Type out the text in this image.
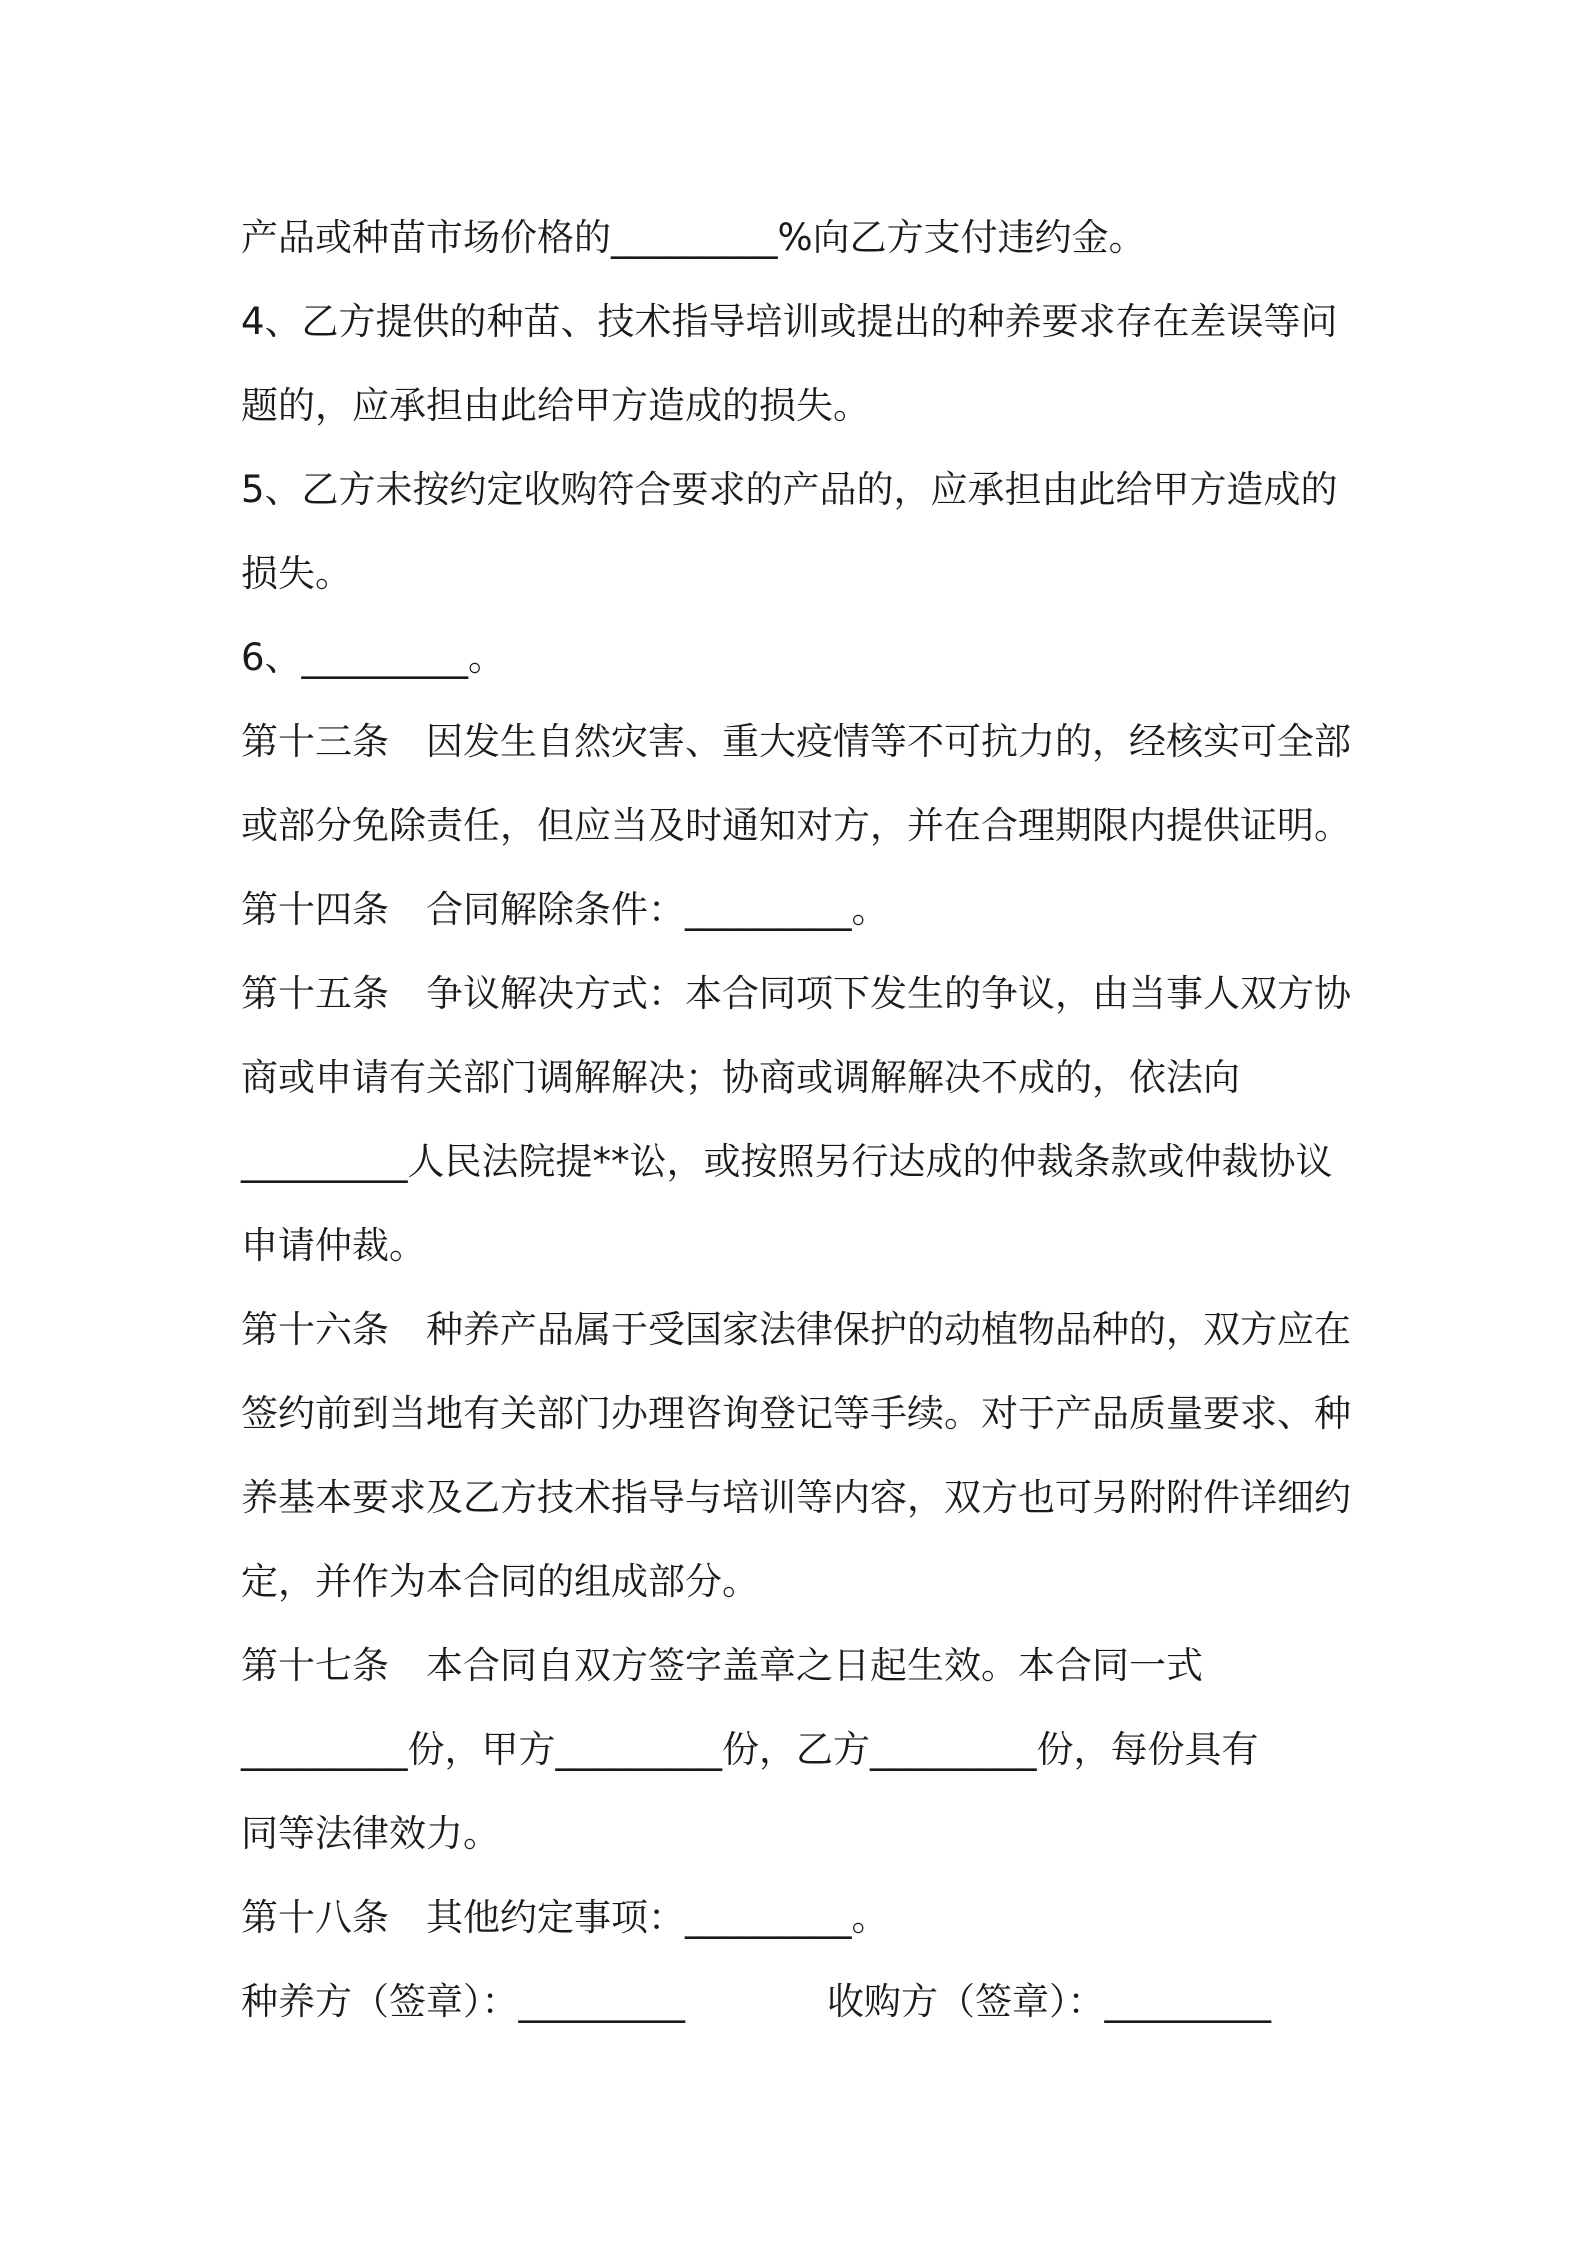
产品或种苗市场价格的_________%向乙方支付违约金。
4、乙方提供的种苗、技术指导培训或提出的种养要求存在差误等问
题的，应承担由此给甲方造成的损失。
5、乙方未按约定收购符合要求的产品的，应承担由此给甲方造成的
损失。
6、_________。
第十三条　因发生自然灾害、重大疫情等不可抗力的，经核实可全部
或部分免除责任，但应当及时通知对方，并在合理期限内提供证明。
第十四条　合同解除条件：_________。
第十五条　争议解决方式：本合同项下发生的争议，由当事人双方协
商或申请有关部门调解解决；协商或调解解决不成的，依法向
_________人民法院提**讼，或按照另行达成的仲裁条款或仲裁协议
申请仲裁。
第十六条　种养产品属于受国家法律保护的动植物品种的，双方应在
签约前到当地有关部门办理咨询登记等手续。对于产品质量要求、种
养基本要求及乙方技术指导与培训等内容，双方也可另附附件详细约
定，并作为本合同的组成部分。
第十七条　本合同自双方签字盖章之日起生效。本合同一式
_________份，甲方_________份，乙方_________份，每份具有
同等法律效力。
第十八条　其他约定事项：_________。
种养方（签章）：_________	收购方（签章）：_________
